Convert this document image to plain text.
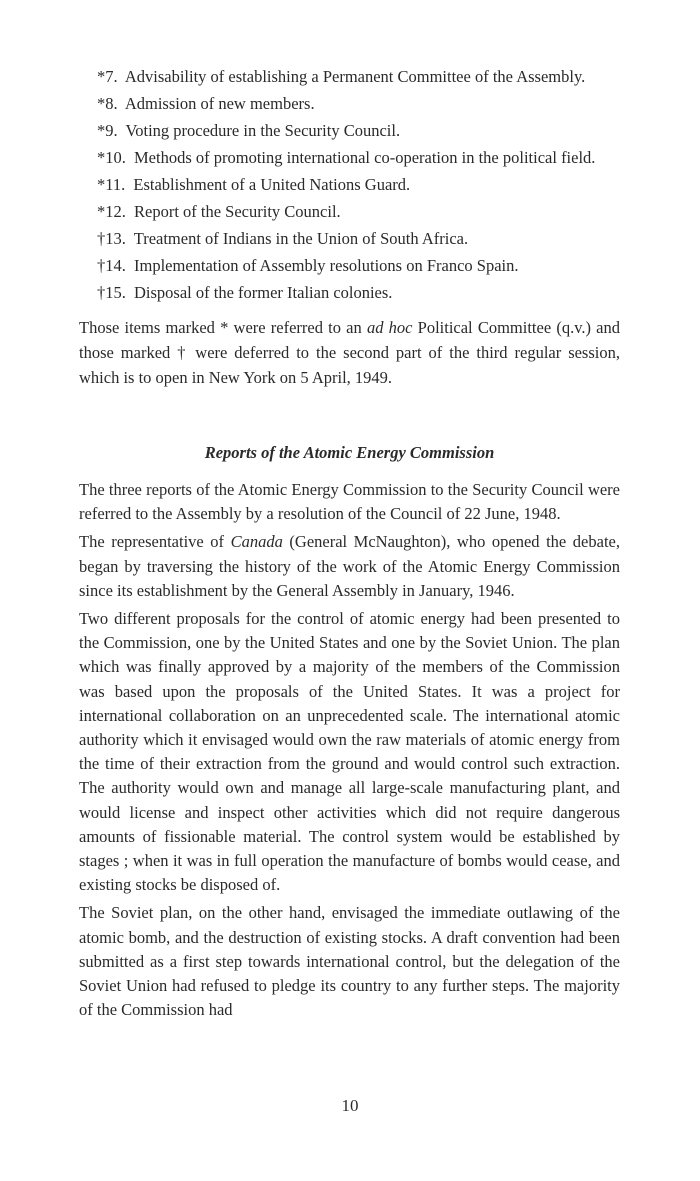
*7. Advisability of establishing a Permanent Committee of the Assembly.
*8. Admission of new members.
*9. Voting procedure in the Security Council.
*10. Methods of promoting international co-operation in the political field.
*11. Establishment of a United Nations Guard.
*12. Report of the Security Council.
†13. Treatment of Indians in the Union of South Africa.
†14. Implementation of Assembly resolutions on Franco Spain.
†15. Disposal of the former Italian colonies.

Those items marked * were referred to an ad hoc Political Committee (q.v.) and those marked † were deferred to the second part of the third regular session, which is to open in New York on 5 April, 1949.

Reports of the Atomic Energy Commission

The three reports of the Atomic Energy Commission to the Security Council were referred to the Assembly by a resolution of the Council of 22 June, 1948.

The representative of Canada (General McNaughton), who opened the debate, began by traversing the history of the work of the Atomic Energy Commission since its establishment by the General Assembly in January, 1946.

Two different proposals for the control of atomic energy had been presented to the Commission, one by the United States and one by the Soviet Union. The plan which was finally approved by a majority of the members of the Commission was based upon the proposals of the United States. It was a project for international collaboration on an unprecedented scale. The international atomic authority which it envisaged would own the raw materials of atomic energy from the time of their extraction from the ground and would control such extraction. The authority would own and manage all large-scale manufacturing plant, and would license and inspect other activities which did not require dangerous amounts of fissionable material. The control system would be established by stages ; when it was in full operation the manufacture of bombs would cease, and existing stocks be disposed of.

The Soviet plan, on the other hand, envisaged the immediate outlawing of the atomic bomb, and the destruction of existing stocks. A draft convention had been submitted as a first step towards international control, but the delegation of the Soviet Union had refused to pledge its country to any further steps. The majority of the Commission had

10
